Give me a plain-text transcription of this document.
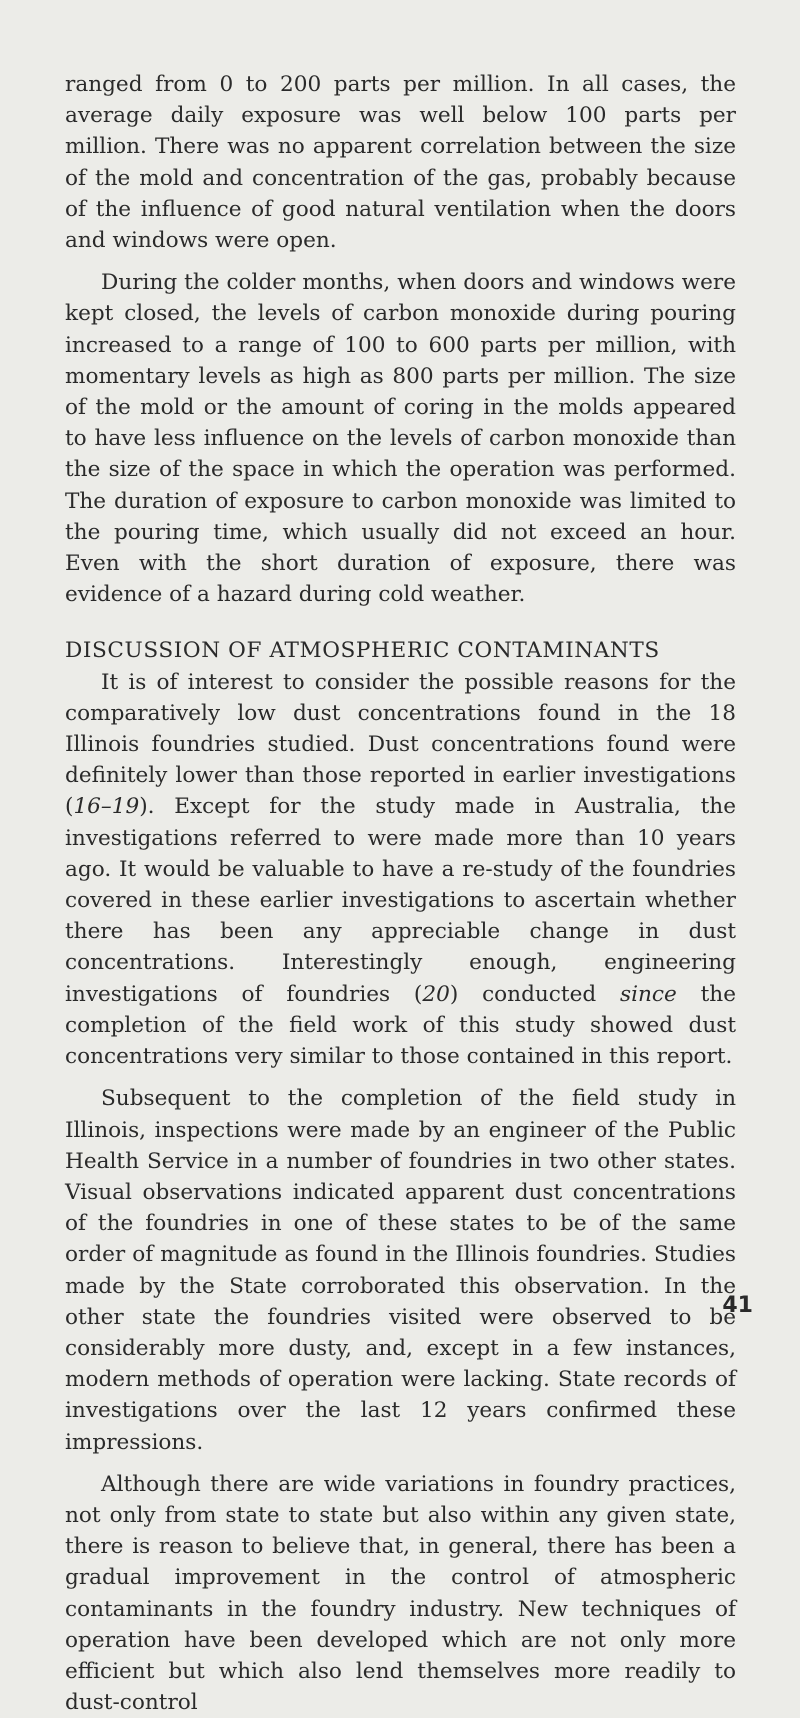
ranged from 0 to 200 parts per million. In all cases, the average daily exposure was well below 100 parts per million. There was no apparent correlation between the size of the mold and concentration of the gas, probably because of the influence of good natural ventilation when the doors and windows were open.

During the colder months, when doors and windows were kept closed, the levels of carbon monoxide during pouring increased to a range of 100 to 600 parts per million, with momentary levels as high as 800 parts per million. The size of the mold or the amount of coring in the molds appeared to have less influence on the levels of carbon monoxide than the size of the space in which the operation was performed. The duration of exposure to carbon monoxide was limited to the pouring time, which usually did not exceed an hour. Even with the short duration of exposure, there was evidence of a hazard during cold weather.

DISCUSSION OF ATMOSPHERIC CONTAMINANTS

It is of interest to consider the possible reasons for the comparatively low dust concentrations found in the 18 Illinois foundries studied. Dust concentrations found were definitely lower than those reported in earlier investigations (16–19). Except for the study made in Australia, the investigations referred to were made more than 10 years ago. It would be valuable to have a re-study of the foundries covered in these earlier investigations to ascertain whether there has been any appreciable change in dust concentrations. Interestingly enough, engineering investigations of foundries (20) conducted since the completion of the field work of this study showed dust concentrations very similar to those contained in this report.

Subsequent to the completion of the field study in Illinois, inspections were made by an engineer of the Public Health Service in a number of foundries in two other states. Visual observations indicated apparent dust concentrations of the foundries in one of these states to be of the same order of magnitude as found in the Illinois foundries. Studies made by the State corroborated this observation. In the other state the foundries visited were observed to be considerably more dusty, and, except in a few instances, modern methods of operation were lacking. State records of investigations over the last 12 years confirmed these impressions.

Although there are wide variations in foundry practices, not only from state to state but also within any given state, there is reason to believe that, in general, there has been a gradual improvement in the control of atmospheric contaminants in the foundry industry. New techniques of operation have been developed which are not only more efficient but which also lend themselves more readily to dust-control

41
